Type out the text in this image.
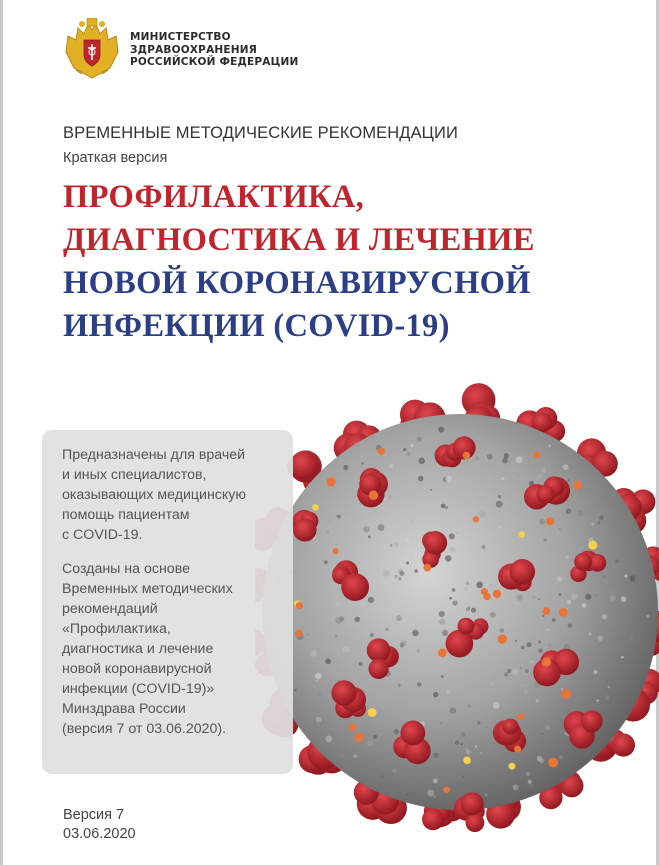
МИНИСТЕРСТВО
ЗДРАВООХРАНЕНИЯ
РОССИЙСКОЙ ФЕДЕРАЦИИ
ВРЕМЕННЫЕ МЕТОДИЧЕСКИЕ РЕКОМЕНДАЦИИ
Краткая версия
ПРОФИЛАКТИКА,
ДИАГНОСТИКА И ЛЕЧЕНИЕ
НОВОЙ КОРОНАВИРУСНОЙ
ИНФЕКЦИИ (COVID-19)
Предназначены для врачей
и иных специалистов,
оказывающих медицинскую
помощь пациентам
с COVID-19.
Созданы на основе
Временных методических
рекомендаций
«Профилактика,
диагностика и лечение
новой коронавирусной
инфекции (COVID-19)»
Минздрава России
(версия 7 от 03.06.2020).
Версия 7
03.06.2020
